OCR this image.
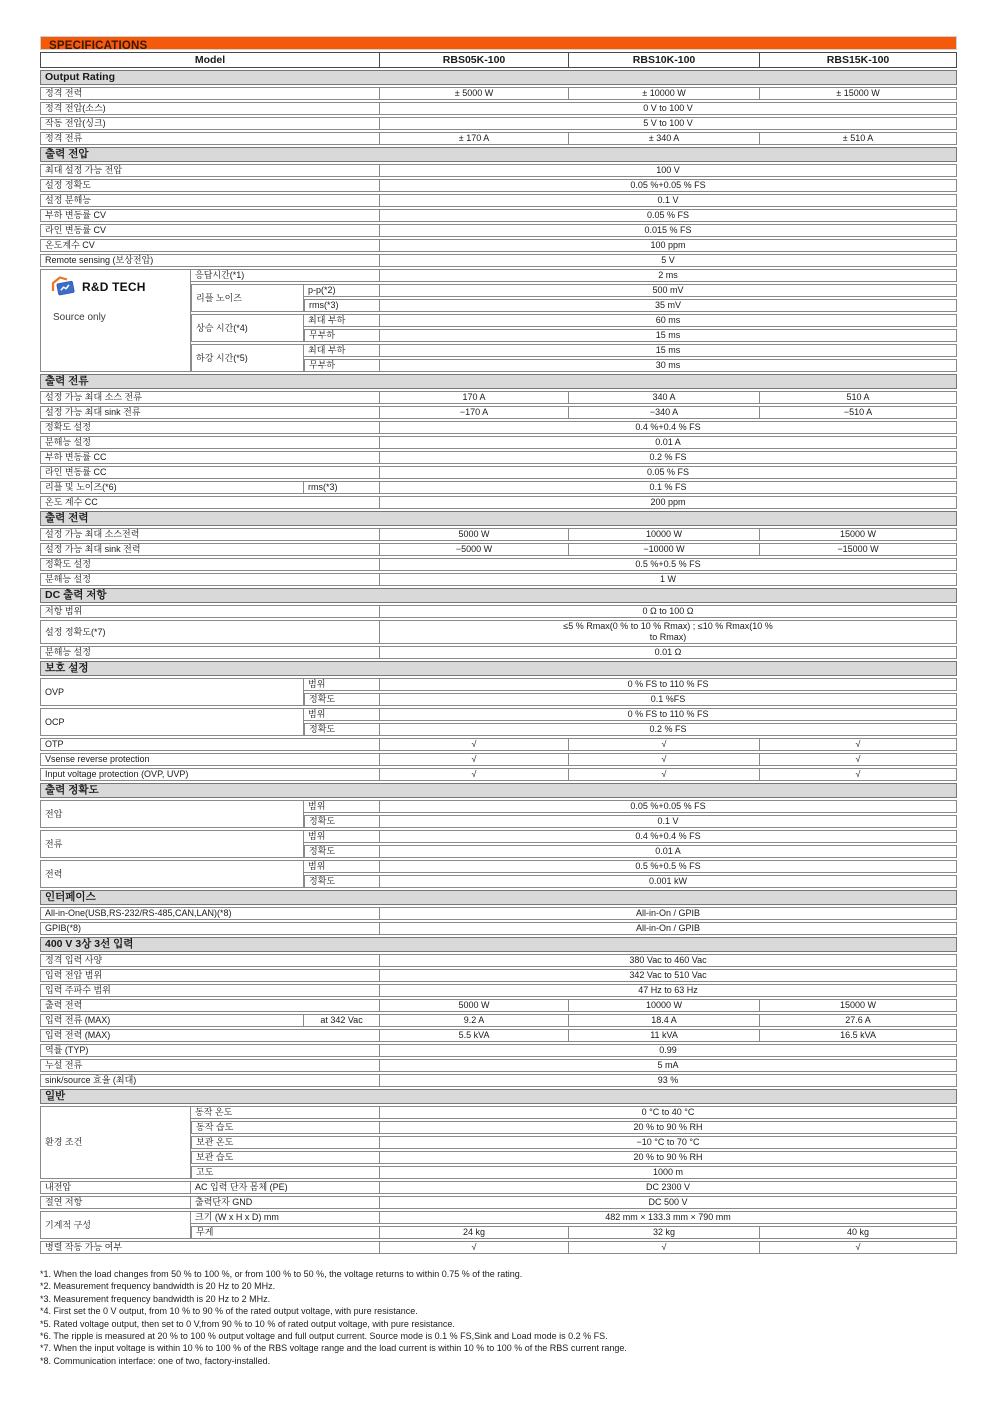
SPECIFICATIONS
Model			RBS05K-100	RBS10K-100	RBS15K-100
Output Rating					
정격 전력			± 5000 W	± 10000 W	± 15000 W
정격 전압(소스)			0 V to 100 V		
작동 전압(싱크)			5 V to 100 V		
정격 전류			± 170 A	± 340 A	± 510 A
출력 전압					
최대 설정 가능 전압			100 V		
설정 정확도			0.05 %+0.05 % FS		
설정 분해능			0.1 V		
부하 변동률 CV			0.05 % FS		
라인 변동률 CV			0.015 % FS		
온도계수 CV			100 ppm		
Remote sensing (보상전압)			5 V		

R&D TECH
Source only	응답시간(*1)		2 ms		
	리플 노이즈	p-p(*2)	500 mV		
		rms(*3)	35 mV		
	상승 시간(*4)	최대 부하	60 ms		
		무부하	15 ms		
	하강 시간(*5)	최대 부하	15 ms		
		무부하	30 ms		
출력 전류					
설정 가능 최대 소스 전류			170 A	340 A	510 A
설정 가능 최대 sink 전류			−170 A	−340 A	−510 A
정확도 설정			0.4 %+0.4 % FS		
분해능 설정			0.01 A		
부하 변동률 CC			0.2 % FS		
라인 변동률 CC			0.05 % FS		
리플 및 노이즈(*6)		rms(*3)	0.1 % FS		
온도 계수 CC			200 ppm		
출력 전력					
설정 가능 최대 소스전력			5000 W	10000 W	15000 W
설정 가능 최대 sink 전력			−5000 W	−10000 W	−15000 W
정확도 설정			0.5 %+0.5 % FS		
분해능 설정			1 W		
DC 출력 저항					
저항 범위			0 Ω to 100 Ω		
설정 정확도(*7)			≤5 % Rmax(0 % to 10 % Rmax) ; ≤10 % Rmax(10 %
to Rmax)		
분해능 설정			0.01 Ω		
보호 설정					
OVP		범위	0 % FS to 110 % FS		
		정확도	0.1 %FS		
OCP		범위	0 % FS to 110 % FS		
		정확도	0.2 % FS		
OTP			√	√	√
Vsense reverse protection			√	√	√
Input voltage protection (OVP, UVP)			√	√	√
출력 정확도					
전압		범위	0.05 %+0.05 % FS		
		정확도	0.1 V		
전류		범위	0.4 %+0.4 % FS		
		정확도	0.01 A		
전력		범위	0.5 %+0.5 % FS		
		정확도	0.001 kW		
인터페이스					
All-in-One(USB,RS-232/RS-485,CAN,LAN)(*8)			All-in-On / GPIB		
GPIB(*8)			All-in-On / GPIB		
400 V 3상 3선 입력					
정격 입력 사양			380 Vac to 460 Vac		
입력 전압 범위			342 Vac to 510 Vac		
입력 주파수 범위			47 Hz to 63 Hz		
출력 전력			5000 W	10000 W	15000 W
입력 전류 (MAX)		at 342 Vac	9.2 A	18.4 A	27.6 A
입력 전력 (MAX)			5.5 kVA	11 kVA	16.5 kVA
역률 (TYP)			0.99		
누설 전류			5 mA		
sink/source 효율 (최대)			93 %		
일반					
환경 조건	동작 온도		0 °C to 40 °C		
	동작 습도		20 % to 90 % RH		
	보관 온도		−10 °C to 70 °C		
	보관 습도		20 % to 90 % RH		
	고도		1000 m		
내전압	AC 입력 단자 몸체 (PE)		DC 2300 V		
절연 저항	출력단자 GND		DC 500 V		
기계적 구성	크기 (W x H x D) mm		482 mm × 133.3 mm × 790 mm		
	무게		24 kg	32 kg	40 kg
병렬 작동 가능 여부			√	√	√
*1. When the load changes from 50 % to 100 %, or from 100 % to 50 %, the voltage returns to within 0.75 % of the rating.
*2. Measurement frequency bandwidth is 20 Hz to 20 MHz.
*3. Measurement frequency bandwidth is 20 Hz to 2 MHz.
*4. First set the 0 V output, from 10 % to 90 % of the rated output voltage, with pure resistance.
*5. Rated voltage output, then set to 0 V,from 90 % to 10 % of rated output voltage, with pure resistance.
*6. The ripple is measured at 20 % to 100 % output voltage and full output current. Source mode is 0.1 % FS,Sink and Load mode is 0.2 % FS.
*7. When the input voltage is within 10 % to 100 % of the RBS voltage range and the load current is within 10 % to 100 % of the RBS current range.
*8. Communication interface: one of two, factory-installed.
